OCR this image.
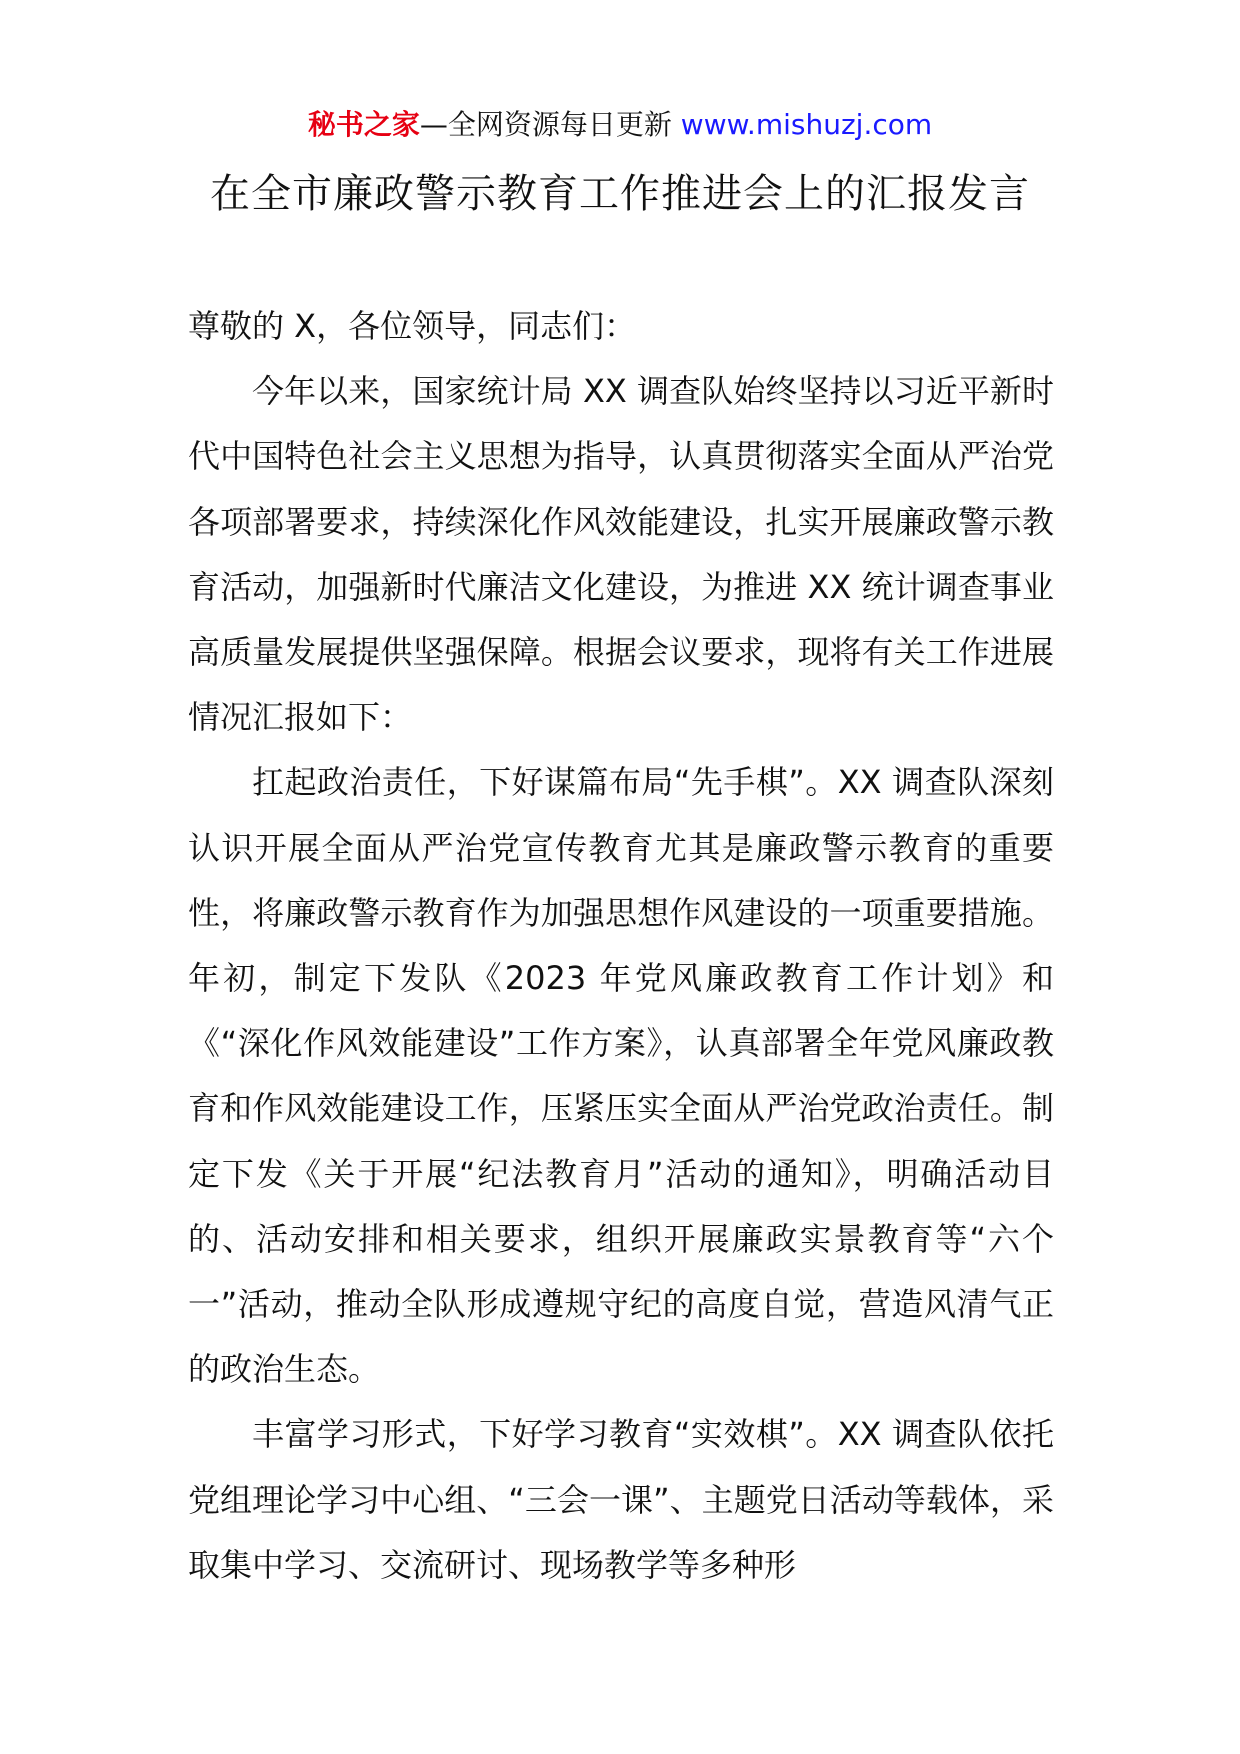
秘书之家—全网资源每日更新 www.mishuzj.com
在全市廉政警示教育工作推进会上的汇报发言

尊敬的 X，各位领导，同志们：

今年以来，国家统计局 XX 调查队始终坚持以习近平新时代中国特色社会主义思想为指导，认真贯彻落实全面从严治党各项部署要求，持续深化作风效能建设，扎实开展廉政警示教育活动，加强新时代廉洁文化建设，为推进 XX 统计调查事业高质量发展提供坚强保障。根据会议要求，现将有关工作进展情况汇报如下：

扛起政治责任，下好谋篇布局“先手棋”。XX 调查队深刻认识开展全面从严治党宣传教育尤其是廉政警示教育的重要性，将廉政警示教育作为加强思想作风建设的一项重要措施。年初，制定下发队《2023 年党风廉政教育工作计划》和《“深化作风效能建设”工作方案》，认真部署全年党风廉政教育和作风效能建设工作，压紧压实全面从严治党政治责任。制定下发《关于开展“纪法教育月”活动的通知》，明确活动目的、活动安排和相关要求，组织开展廉政实景教育等“六个一”活动，推动全队形成遵规守纪的高度自觉，营造风清气正的政治生态。

丰富学习形式，下好学习教育“实效棋”。XX 调查队依托党组理论学习中心组、“三会一课”、主题党日活动等载体，采取集中学习、交流研讨、现场教学等多种形
